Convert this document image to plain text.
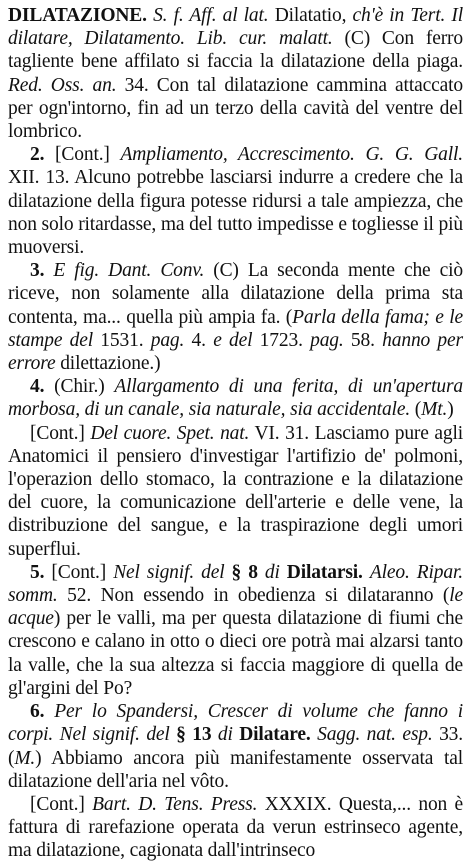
DILATAZIONE. S. f. Aff. al lat. Dilatatio, ch'è in Tert. Il dilatare, Dilatamento. Lib. cur. malatt. (C) Con ferro tagliente bene affilato si faccia la dilatazione della piaga. Red. Oss. an. 34. Con tal dilatazione cammina attaccato per ogn'intorno, fin ad un terzo della cavità del ventre del lombrico.

2. [Cont.] Ampliamento, Accrescimento. G. G. Gall. XII. 13. Alcuno potrebbe lasciarsi indurre a credere che la dilatazione della figura potesse ridursi a tale ampiezza, che non solo ritardasse, ma del tutto impedisse e togliesse il più muoversi.

3. E fig. Dant. Conv. (C) La seconda mente che ciò riceve, non solamente alla dilatazione della prima sta contenta, ma... quella più ampia fa. (Parla della fama; e le stampe del 1531. pag. 4. e del 1723. pag. 58. hanno per errore dilettazione.)

4. (Chir.) Allargamento di una ferita, di un'apertura morbosa, di un canale, sia naturale, sia accidentale. (Mt.)

[Cont.] Del cuore. Spet. nat. VI. 31. Lasciamo pure agli Anatomici il pensiero d'investigar l'artifizio de' polmoni, l'operazion dello stomaco, la contrazione e la dilatazione del cuore, la comunicazione dell'arterie e delle vene, la distribuzione del sangue, e la traspirazione degli umori superflui.

5. [Cont.] Nel signif. del § 8 di Dilatarsi. Aleo. Ripar. somm. 52. Non essendo in obedienza si dilataranno (le acque) per le valli, ma per questa dilatazione di fiumi che crescono e calano in otto o dieci ore potrà mai alzarsi tanto la valle, che la sua altezza si faccia maggiore di quella de gl'argini del Po?

6. Per lo Spandersi, Crescer di volume che fanno i corpi. Nel signif. del § 13 di Dilatare. Sagg. nat. esp. 33. (M.) Abbiamo ancora più manifestamente osservata tal dilatazione dell'aria nel vôto.

[Cont.] Bart. D. Tens. Press. XXXIX. Questa,... non è fattura di rarefazione operata da verun estrinseco agente, ma dilatazione, cagionata dall'intrinseco
